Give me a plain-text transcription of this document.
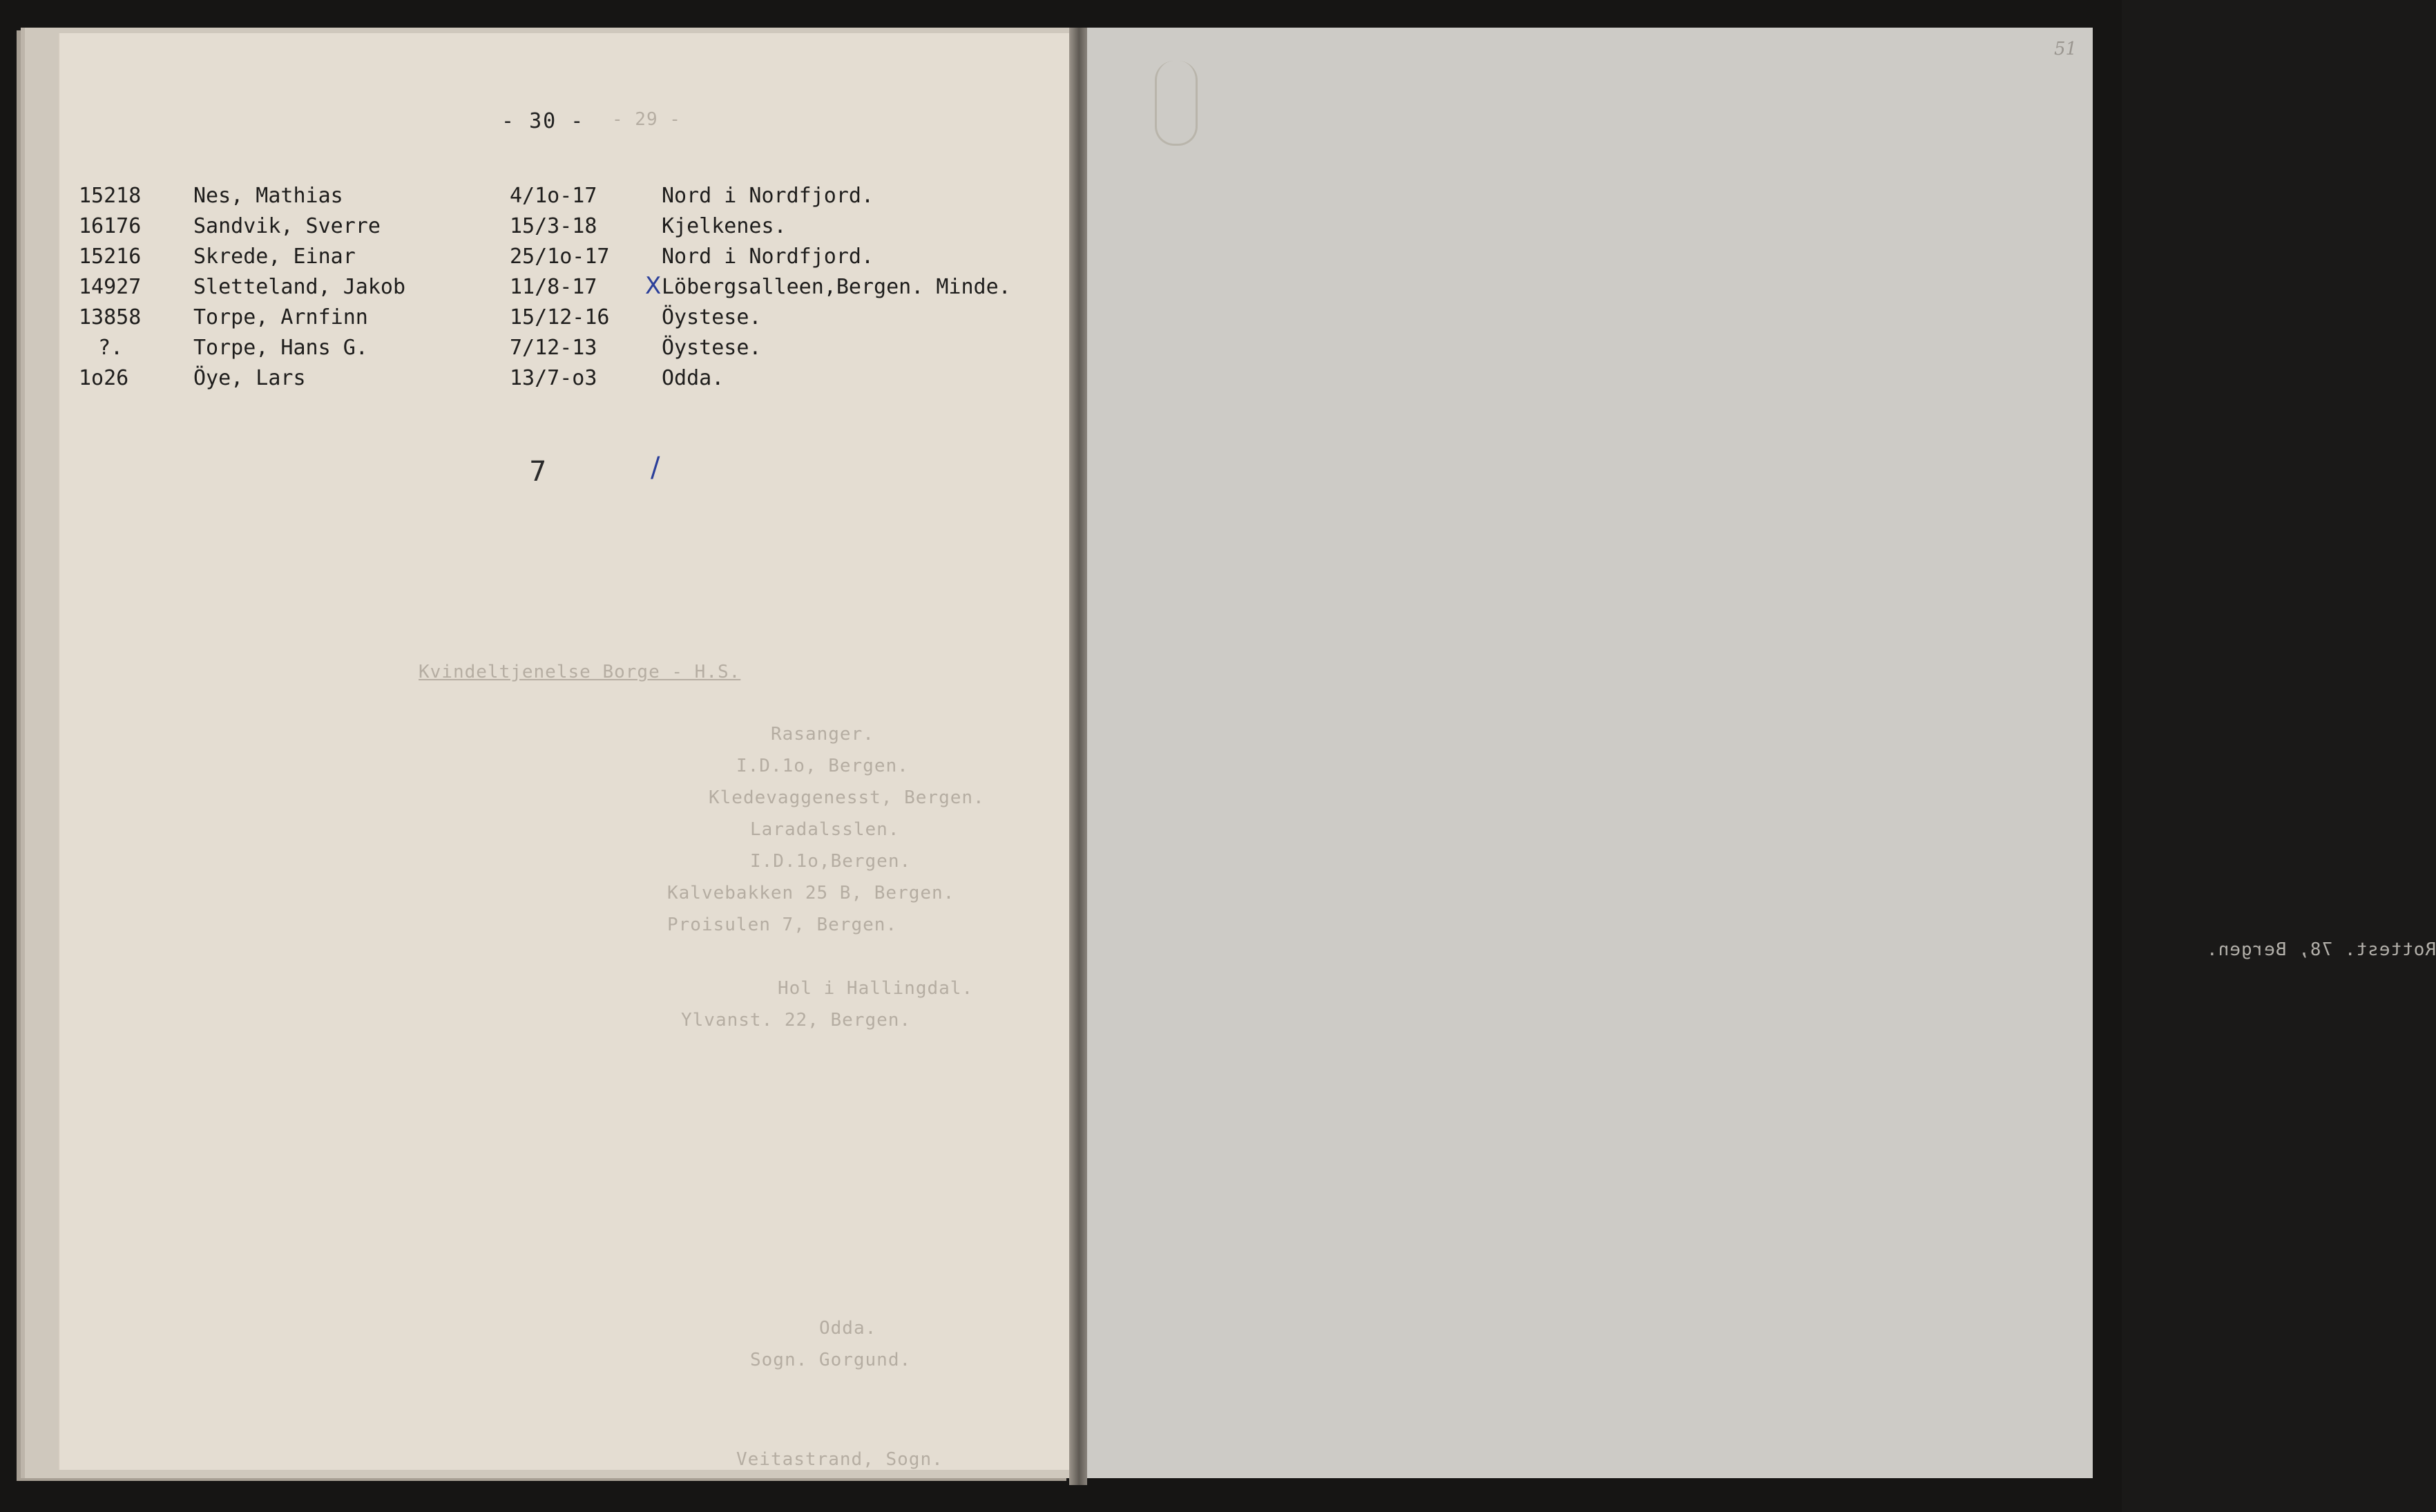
- 29 -
- 30 -
15218	Nes, Mathias	4/1o-17	Nord i Nordfjord.
16176	Sandvik, Sverre	15/3-18	Kjelkenes.
15216	Skrede, Einar	25/1o-17	Nord i Nordfjord.
14927	Sletteland, Jakob	11/8-17	Löbergsalleen,Bergen. Minde.
13858	Torpe, Arnfinn	15/12-16	Öystese.
?.	Torpe, Hans G.	7/12-13	Öystese.
1o26	Öye, Lars	13/7-o3	Odda.
X
7	/
Kvindeltjenelse Borge - H.S.
Rasanger.
I.D.1o, Bergen.
Kledevaggenesst, Bergen.
Laradalsslen.
I.D.1o,Bergen.
Kalvebakken 25 B, Bergen.
Proisulen 7, Bergen.
Hol i Hallingdal.
Ylvanst. 22, Bergen.
Odda.
Sogn. Gorgund.
Veitastrand, Sogn.
Rottest. 78, Bergen.
51
